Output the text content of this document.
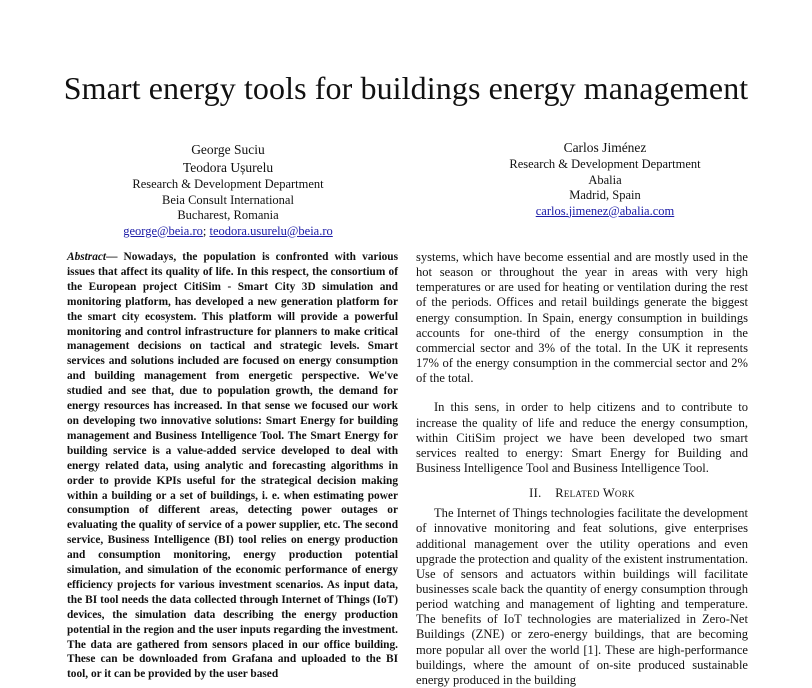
Smart energy tools for buildings energy management
George Suciu
Teodora Ușurelu
Research & Development Department
Beia Consult International
Bucharest, Romania
george@beia.ro; teodora.usurelu@beia.ro
Carlos Jiménez
Research & Development Department
Abalia
Madrid, Spain
carlos.jimenez@abalia.com
Abstract— Nowadays, the population is confronted with various issues that affect its quality of life. In this respect, the consortium of the European project CitiSim - Smart City 3D simulation and monitoring platform, has developed a new generation platform for the smart city ecosystem. This platform will provide a powerful monitoring and control infrastructure for planners to make critical management decisions on tactical and strategic levels. Smart services and solutions included are focused on energy consumption and building management from energetic perspective. We've studied and see that, due to population growth, the demand for energy resources has increased. In that sense we focused our work on developing two innovative solutions: Smart Energy for building management and Business Intelligence Tool. The Smart Energy for building service is a value-added service developed to deal with energy related data, using analytic and forecasting algorithms in order to provide KPIs useful for the strategical decision making within a building or a set of buildings, i. e. when estimating power consumption of different areas, detecting power outages or evaluating the quality of service of a power supplier, etc. The second service, Business Intelligence (BI) tool relies on energy production and consumption monitoring, energy production potential simulation, and simulation of the economic performance of energy efficiency projects for various investment scenarios. As input data, the BI tool needs the data collected through Internet of Things (IoT) devices, the simulation data describing the energy production potential in the region and the user inputs regarding the investment. The data are gathered from sensors placed in our office building. These can be downloaded from Grafana and uploaded to the BI tool, or it can be provided by the user based

systems, which have become essential and are mostly used in the hot season or throughout the year in areas with very high temperatures or are used for heating or ventilation during the rest of the periods. Offices and retail buildings generate the biggest energy consumption. In Spain, energy consumption in buildings accounts for one-third of the energy consumption in the commercial sector and 3% of the total. In the UK it represents 17% of the energy consumption in the commercial sector and 2% of the total.

In this sens, in order to help citizens and to contribute to increase the quality of life and reduce the energy consumption, within CitiSim project we have been developed two smart services realted to energy: Smart Energy for Building and Business Intelligence Tool and Business Intelligence Tool.

II. Related Work

The Internet of Things technologies facilitate the development of innovative monitoring and feat solutions, give enterprises additional management over the utility operations and even upgrade the protection and quality of the existent instrumentation. Use of sensors and actuators within buildings will facilitate businesses scale back the quantity of energy consumption through period watching and management of lighting and temperature. The benefits of IoT technologies are materialized in Zero-Net Buildings (ZNE) or zero-energy buildings, that are becoming more popular all over the world [1]. These are high-performance buildings, where the amount of on-site produced sustainable energy produced in the building
